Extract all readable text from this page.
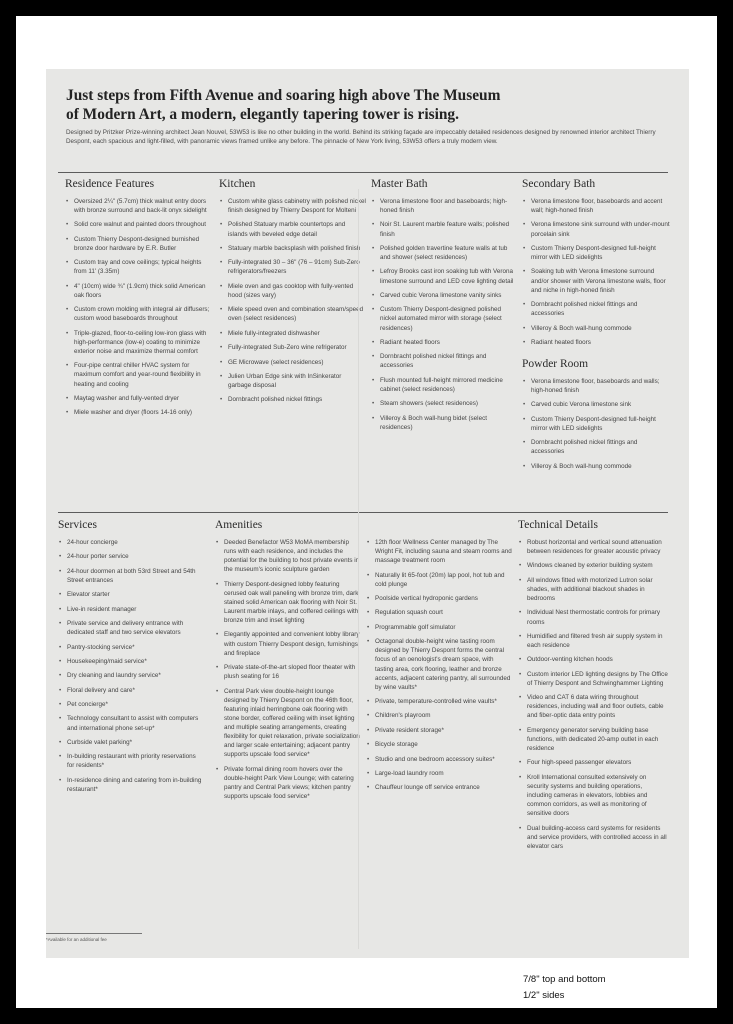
Just steps from Fifth Avenue and soaring high above The Museum
of Modern Art, a modern, elegantly tapering tower is rising.

Designed by Pritzker Prize-winning architect Jean Nouvel, 53W53 is like no other building in the world. Behind its striking façade are impeccably detailed residences designed by renowned interior architect Thierry Despont, each spacious and light-filled, with panoramic views framed unlike any before. The pinnacle of New York living, 53W53 offers a truly modern view.

Residence Features
• Oversized 2¼" (5.7cm) thick walnut entry doors with bronze surround and back-lit onyx sidelight
• Solid core walnut and painted doors throughout
• Custom Thierry Despont-designed burnished bronze door hardware by E.R. Butler
• Custom tray and cove ceilings; typical heights from 11' (3.35m)
• 4" (10cm) wide ¾" (1.9cm) thick solid American oak floors
• Custom crown molding with integral air diffusers; custom wood baseboards throughout
• Triple-glazed, floor-to-ceiling low-iron glass with high-performance (low-e) coating to minimize exterior noise and maximize thermal comfort
• Four-pipe central chiller HVAC system for maximum comfort and year-round flexibility in heating and cooling
• Maytag washer and fully-vented dryer
• Miele washer and dryer (floors 14-16 only)
Kitchen
• Custom white glass cabinetry with polished nickel finish designed by Thierry Despont for Molteni
• Polished Statuary marble countertops and islands with beveled edge detail
• Statuary marble backsplash with polished finish
• Fully-integrated 30 – 36" (76 – 91cm) Sub-Zero refrigerators/freezers
• Miele oven and gas cooktop with fully-vented hood (sizes vary)
• Miele speed oven and combination steam/speed oven (select residences)
• Miele fully-integrated dishwasher
• Fully-integrated Sub-Zero wine refrigerator
• GE Microwave (select residences)
• Julien Urban Edge sink with InSinkerator garbage disposal
• Dornbracht polished nickel fittings
Master Bath
• Verona limestone floor and baseboards; high-honed finish
• Noir St. Laurent marble feature walls; polished finish
• Polished golden travertine feature walls at tub and shower (select residences)
• Lefroy Brooks cast iron soaking tub with Verona limestone surround and LED cove lighting detail
• Carved cubic Verona limestone vanity sinks
• Custom Thierry Despont-designed polished nickel automated mirror with storage (select residences)
• Radiant heated floors
• Dornbracht polished nickel fittings and accessories
• Flush mounted full-height mirrored medicine cabinet (select residences)
• Steam showers (select residences)
• Villeroy & Boch wall-hung bidet (select residences)
Secondary Bath
• Verona limestone floor, baseboards and accent wall; high-honed finish
• Verona limestone sink surround with under-mount porcelain sink
• Custom Thierry Despont-designed full-height mirror with LED sidelights
• Soaking tub with Verona limestone surround and/or shower with Verona limestone walls, floor and niche in high-honed finish
• Dornbracht polished nickel fittings and accessories
• Villeroy & Boch wall-hung commode
• Radiant heated floors
Powder Room
• Verona limestone floor, baseboards and walls; high-honed finish
• Carved cubic Verona limestone sink
• Custom Thierry Despont-designed full-height mirror with LED sidelights
• Dornbracht polished nickel fittings and accessories
• Villeroy & Boch wall-hung commode
Services
• 24-hour concierge
• 24-hour porter service
• 24-hour doormen at both 53rd Street and 54th Street entrances
• Elevator starter
• Live-in resident manager
• Private service and delivery entrance with dedicated staff and two service elevators
• Pantry-stocking service*
• Housekeeping/maid service*
• Dry cleaning and laundry service*
• Floral delivery and care*
• Pet concierge*
• Technology consultant to assist with computers and international phone set-up*
• Curbside valet parking*
• In-building restaurant with priority reservations for residents*
• In-residence dining and catering from in-building restaurant*
Amenities
• Deeded Benefactor W53 MoMA membership runs with each residence, and includes the potential for the building to host private events in the museum's iconic sculpture garden
• Thierry Despont-designed lobby featuring cerused oak wall paneling with bronze trim, dark stained solid American oak flooring with Noir St. Laurent marble inlays, and coffered ceilings with bronze trim and inset lighting
• Elegantly appointed and convenient lobby library with custom Thierry Despont design, furnishings and fireplace
• Private state-of-the-art sloped floor theater with plush seating for 16
• Central Park view double-height lounge designed by Thierry Despont on the 46th floor, featuring inlaid herringbone oak flooring with stone border, coffered ceiling with inset lighting and multiple seating arrangements, creating flexibility for quiet relaxation, private socialization and larger scale entertaining; adjacent pantry supports upscale food service*
• Private formal dining room hovers over the double-height Park View Lounge; with catering pantry and Central Park views; kitchen pantry supports upscale food service*
• 12th floor Wellness Center managed by The Wright Fit, including sauna and steam rooms and massage treatment room
• Naturally lit 65-foot (20m) lap pool, hot tub and cold plunge
• Poolside vertical hydroponic gardens
• Regulation squash court
• Programmable golf simulator
• Octagonal double-height wine tasting room designed by Thierry Despont forms the central focus of an oenologist's dream space, with tasting area, cork flooring, leather and bronze accents, adjacent catering pantry, all surrounded by wine vaults*
• Private, temperature-controlled wine vaults*
• Children's playroom
• Private resident storage*
• Bicycle storage
• Studio and one bedroom accessory suites*
• Large-load laundry room
• Chauffeur lounge off service entrance
Technical Details
• Robust horizontal and vertical sound attenuation between residences for greater acoustic privacy
• Windows cleaned by exterior building system
• All windows fitted with motorized Lutron solar shades, with additional blackout shades in bedrooms
• Individual Nest thermostatic controls for primary rooms
• Humidified and filtered fresh air supply system in each residence
• Outdoor-venting kitchen hoods
• Custom interior LED lighting designs by The Office of Thierry Despont and Schwinghammer Lighting
• Video and CAT 6 data wiring throughout residences, including wall and floor outlets, cable and fiber-optic data entry points
• Emergency generator serving building base functions, with dedicated 20-amp outlet in each residence
• Four high-speed passenger elevators
• Kroll International consulted extensively on security systems and building operations, including cameras in elevators, lobbies and common corridors, as well as monitoring of sensitive doors
• Dual building-access card systems for residents and service providers, with controlled access in all elevator cars
*Available for an additional fee
7/8" top and bottom
1/2" sides
